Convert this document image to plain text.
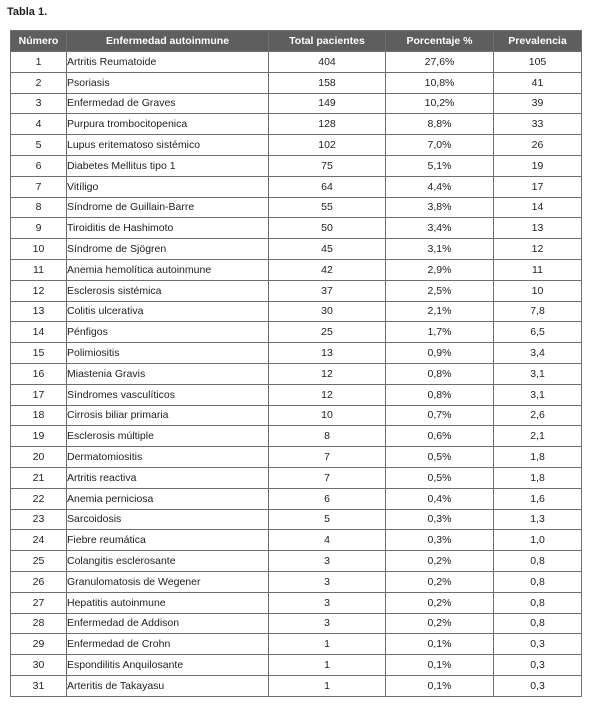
Tabla 1.

Número	Enfermedad autoinmune	Total pacientes	Porcentaje %	Prevalencia
1	Artritis Reumatoide	404	27,6%	105
2	Psoriasis	158	10,8%	41
3	Enfermedad de Graves	149	10,2%	39
4	Purpura trombocitopenica	128	8,8%	33
5	Lupus eritematoso sistémico	102	7,0%	26
6	Diabetes Mellitus tipo 1	75	5,1%	19
7	Vitíligo	64	4,4%	17
8	Síndrome de Guillain-Barre	55	3,8%	14
9	Tiroiditis de Hashimoto	50	3,4%	13
10	Síndrome de Sjögren	45	3,1%	12
11	Anemia hemolítica autoinmune	42	2,9%	11
12	Esclerosis sistémica	37	2,5%	10
13	Colitis ulcerativa	30	2,1%	7,8
14	Pénfigos	25	1,7%	6,5
15	Polimiositis	13	0,9%	3,4
16	Miastenia Gravis	12	0,8%	3,1
17	Síndromes vasculíticos	12	0,8%	3,1
18	Cirrosis biliar primaria	10	0,7%	2,6
19	Esclerosis múltiple	8	0,6%	2,1
20	Dermatomiositis	7	0,5%	1,8
21	Artritis reactiva	7	0,5%	1,8
22	Anemia perniciosa	6	0,4%	1,6
23	Sarcoidosis	5	0,3%	1,3
24	Fiebre reumática	4	0,3%	1,0
25	Colangitis esclerosante	3	0,2%	0,8
26	Granulomatosis de Wegener	3	0,2%	0,8
27	Hepatitis autoinmune	3	0,2%	0,8
28	Enfermedad de Addison	3	0,2%	0,8
29	Enfermedad de Crohn	1	0,1%	0,3
30	Espondilitis Anquilosante	1	0,1%	0,3
31	Arteritis de Takayasu	1	0,1%	0,3
